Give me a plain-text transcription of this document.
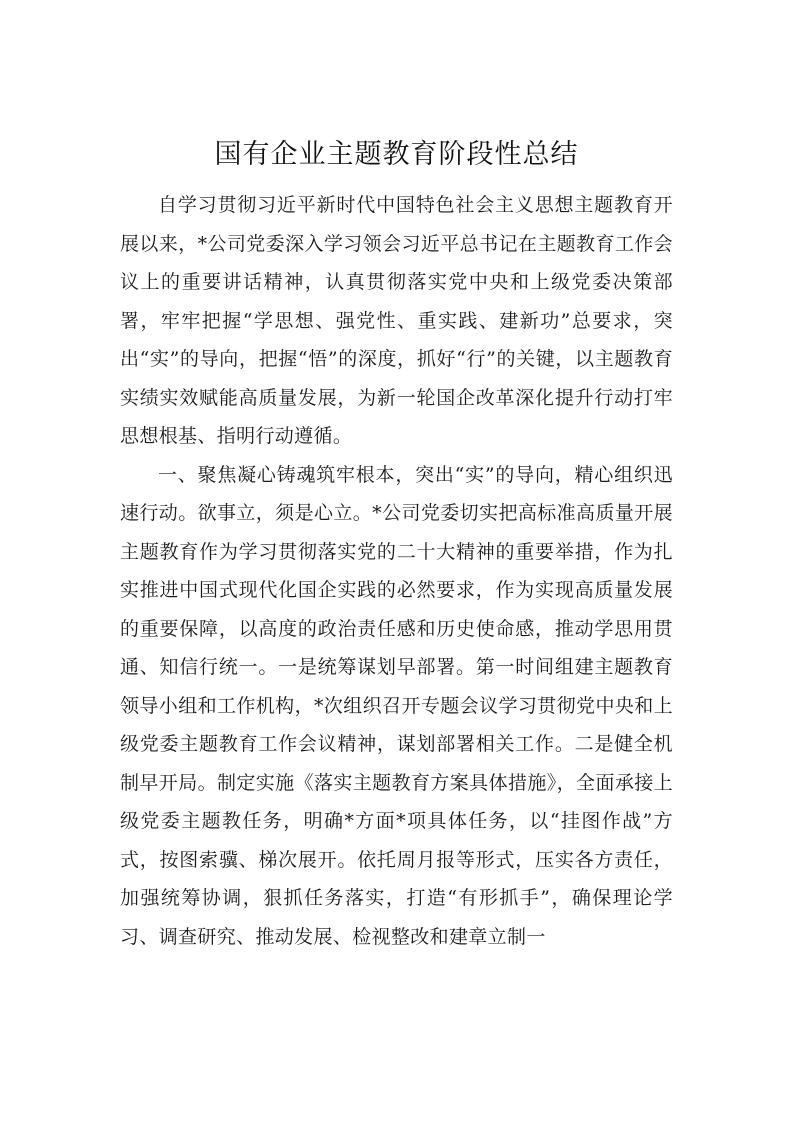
国有企业主题教育阶段性总结

自学习贯彻习近平新时代中国特色社会主义思想主题教育开展以来，*公司党委深入学习领会习近平总书记在主题教育工作会议上的重要讲话精神，认真贯彻落实党中央和上级党委决策部署，牢牢把握“学思想、强党性、重实践、建新功”总要求，突出“实”的导向，把握“悟”的深度，抓好“行”的关键，以主题教育实绩实效赋能高质量发展，为新一轮国企改革深化提升行动打牢思想根基、指明行动遵循。

一、聚焦凝心铸魂筑牢根本，突出“实”的导向，精心组织迅速行动。欲事立，须是心立。*公司党委切实把高标准高质量开展主题教育作为学习贯彻落实党的二十大精神的重要举措，作为扎实推进中国式现代化国企实践的必然要求，作为实现高质量发展的重要保障，以高度的政治责任感和历史使命感，推动学思用贯通、知信行统一。一是统筹谋划早部署。第一时间组建主题教育领导小组和工作机构，*次组织召开专题会议学习贯彻党中央和上级党委主题教育工作会议精神，谋划部署相关工作。二是健全机制早开局。制定实施《落实主题教育方案具体措施》，全面承接上级党委主题教任务，明确*方面*项具体任务，以“挂图作战”方式，按图索骥、梯次展开。依托周月报等形式，压实各方责任，加强统筹协调，狠抓任务落实，打造“有形抓手”，确保理论学习、调查研究、推动发展、检视整改和建章立制一
